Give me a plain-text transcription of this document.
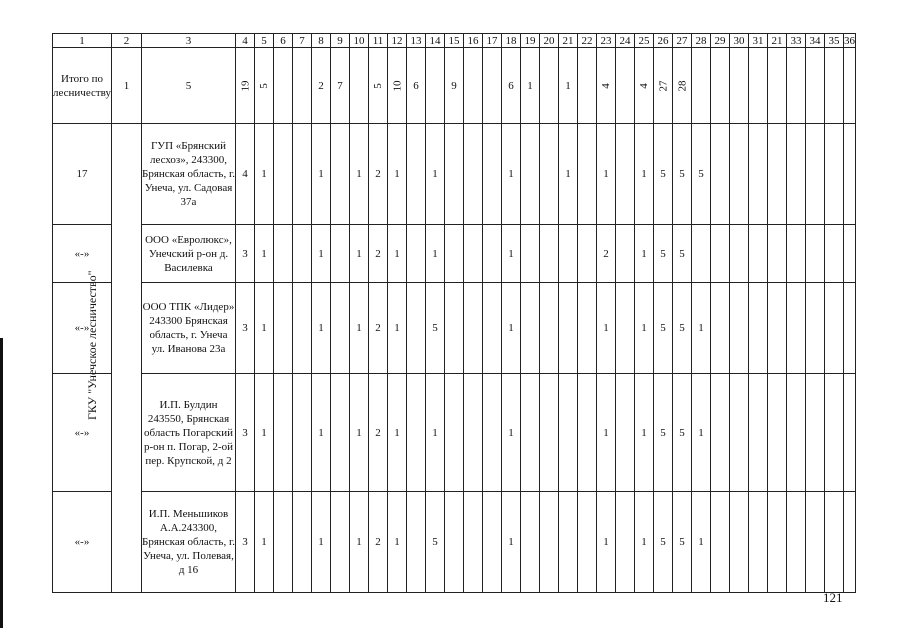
1	2	3	4	5	6	7	8	9	10	11	12	13	14	15	16	17	18	19	20	21	22	23	24	25	26	27	28	29	30	31	21	33	34	35	36
Итого по лесничеству	1	5	19	5			2	7		5	10	6		9			6	1		1		4		4	27	28									
17		ГУП «Брянский лесхоз», 243300, Брянская область, г. Унеча, ул. Садовая 37а	4	1			1		1	2	1		1				1			1		1		1	5	5	5								
«-»		ООО «Евролюкс», Унечский р-он д. Василевка	3	1			1		1	2	1		1				1					2		1	5	5									
«-»		ООО ТПК «Лидер» 243300 Брянская область, г. Унеча ул. Иванова 23а	3	1			1		1	2	1		5				1					1		1	5	5	1								
«-»		И.П. Булдин 243550, Брянская область Погарский р-он п. Погар, 2-ой пер. Крупской, д 2	3	1			1		1	2	1		1				1					1		1	5	5	1								
«-»		И.П. Меньшиков А.А.243300, Брянская область, г. Унеча, ул. Полевая, д 16	3	1			1		1	2	1		5				1					1		1	5	5	1								
ГКУ "Унечское лесничество"
121
